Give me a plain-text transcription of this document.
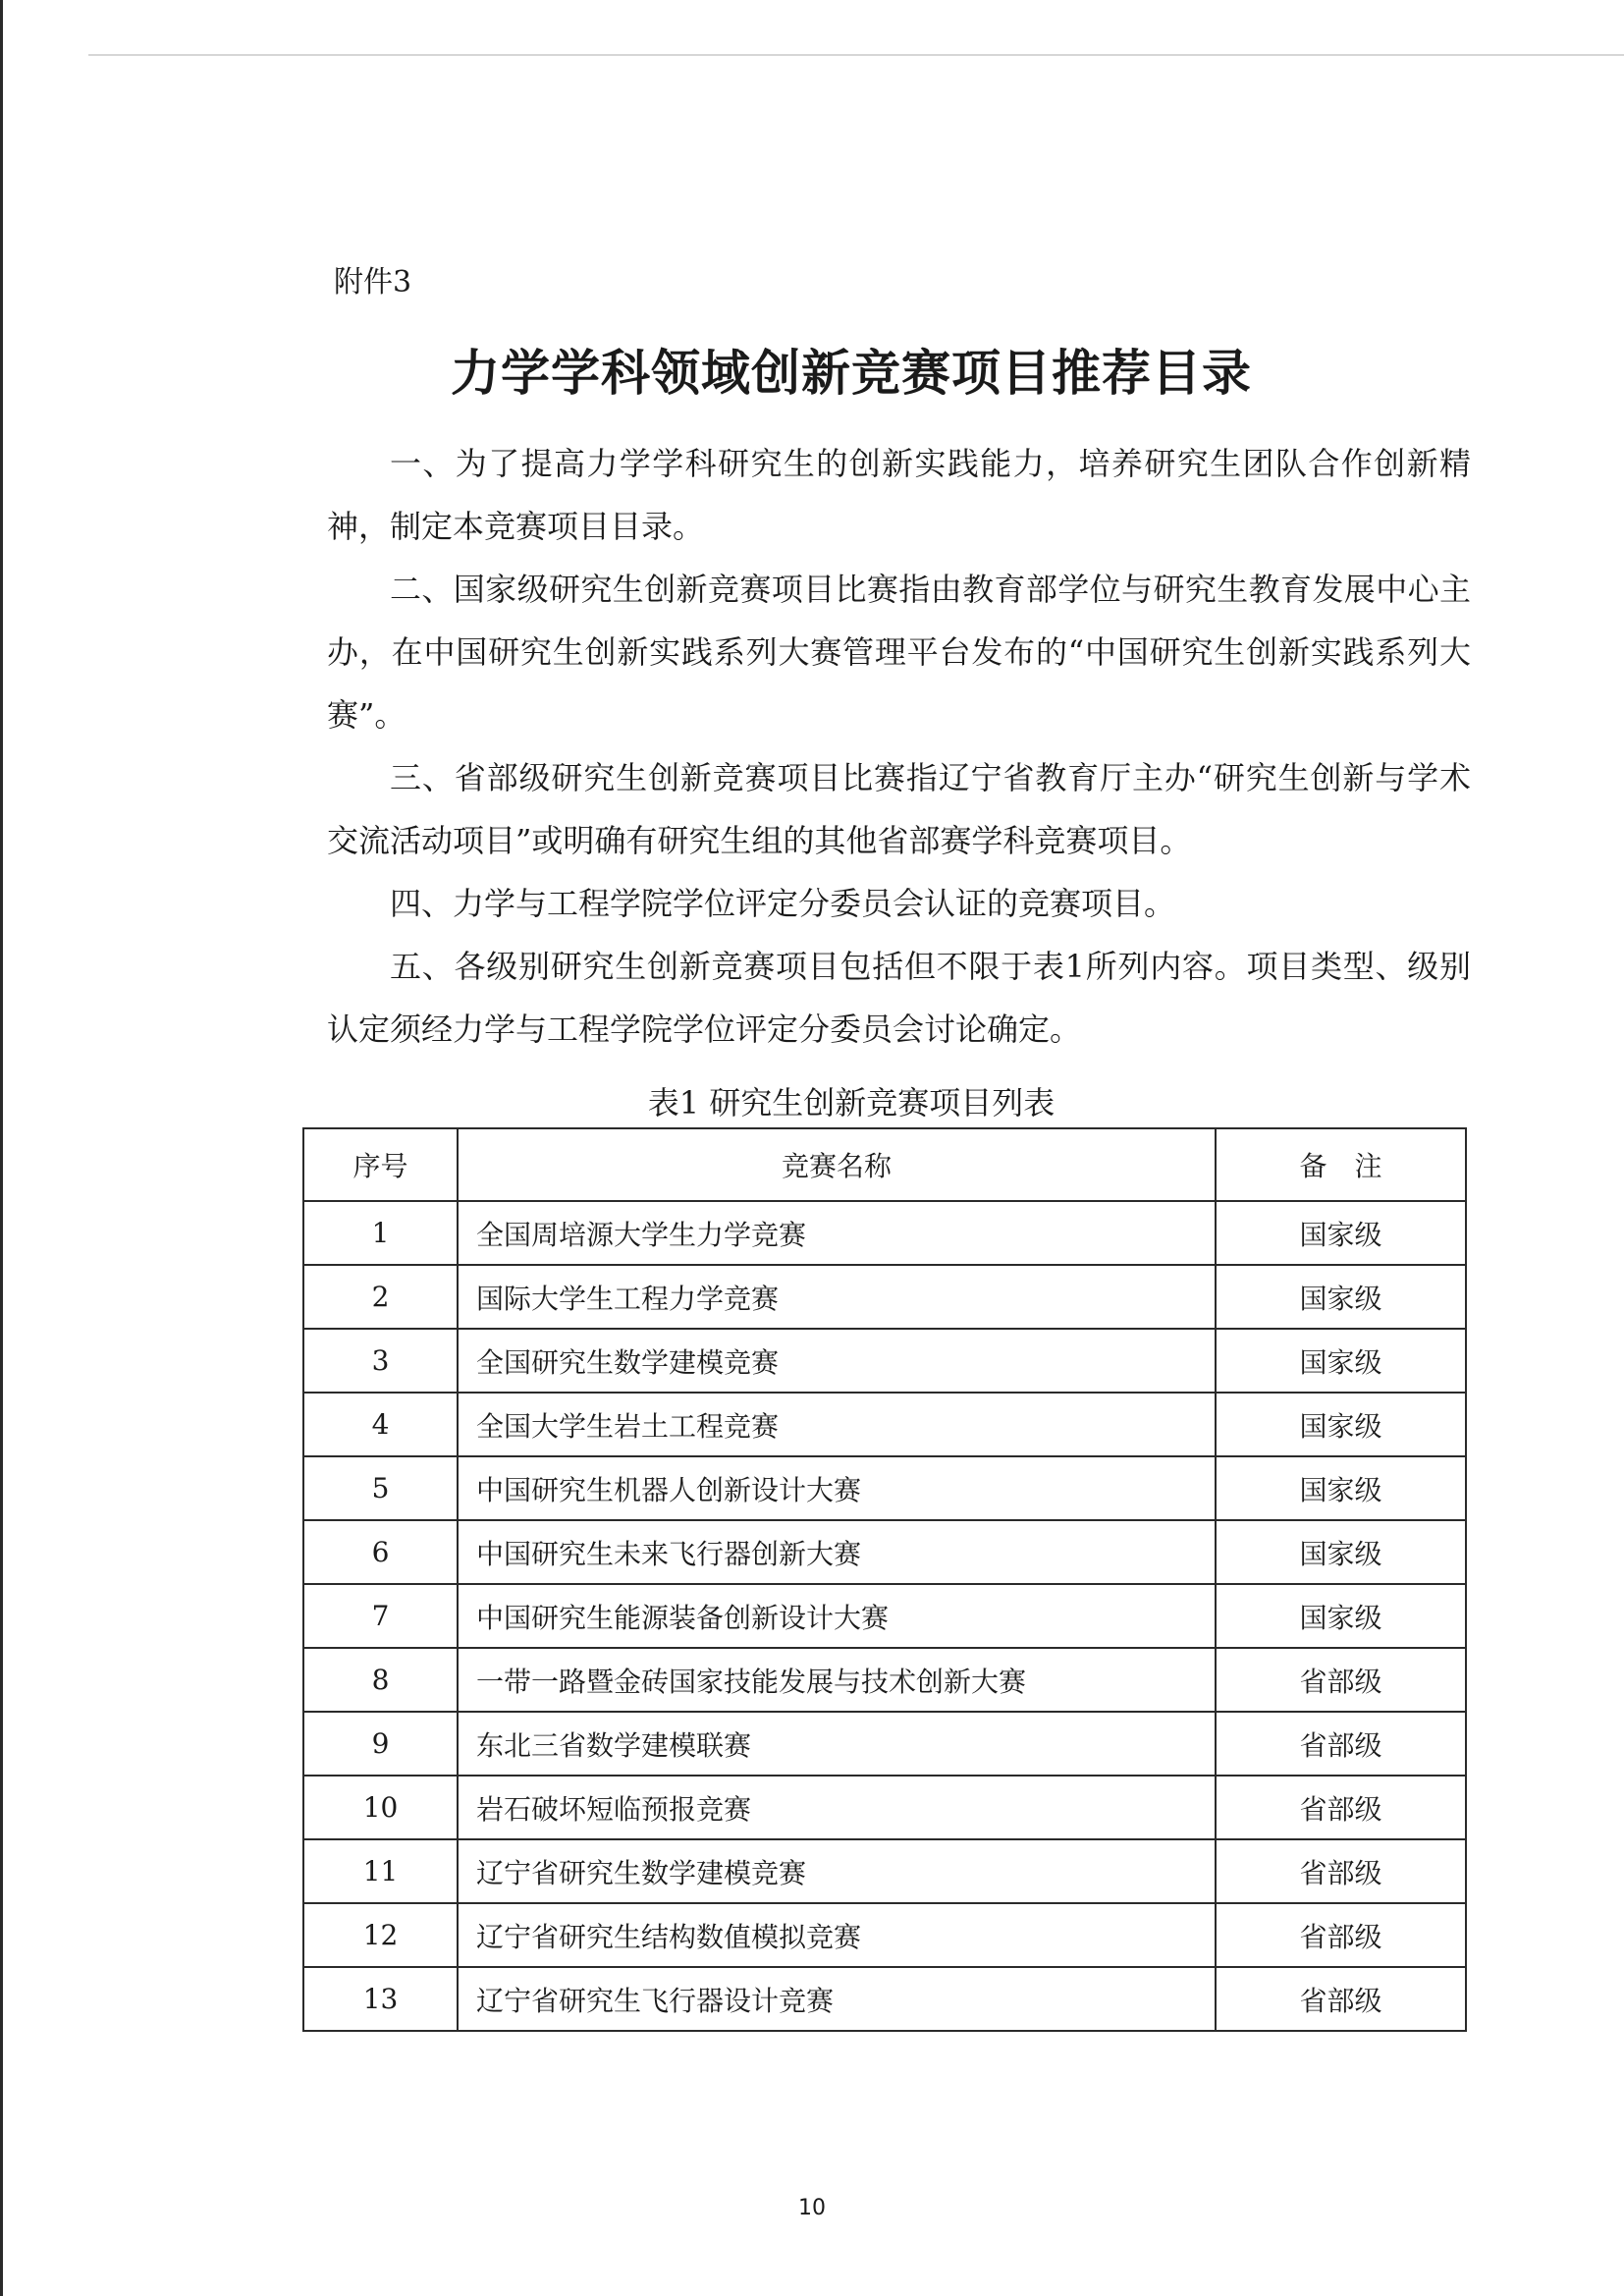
附件3
力学学科领域创新竞赛项目推荐目录

一、为了提高力学学科研究生的创新实践能力，培养研究生团队合作创新精神，制定本竞赛项目目录。

二、国家级研究生创新竞赛项目比赛指由教育部学位与研究生教育发展中心主办，在中国研究生创新实践系列大赛管理平台发布的“中国研究生创新实践系列大赛”。

三、省部级研究生创新竞赛项目比赛指辽宁省教育厅主办“研究生创新与学术交流活动项目”或明确有研究生组的其他省部赛学科竞赛项目。

四、力学与工程学院学位评定分委员会认证的竞赛项目。

五、各级别研究生创新竞赛项目包括但不限于表1所列内容。项目类型、级别认定须经力学与工程学院学位评定分委员会讨论确定。

表1 研究生创新竞赛项目列表
序号	竞赛名称	备　注
1	全国周培源大学生力学竞赛	国家级
2	国际大学生工程力学竞赛	国家级
3	全国研究生数学建模竞赛	国家级
4	全国大学生岩土工程竞赛	国家级
5	中国研究生机器人创新设计大赛	国家级
6	中国研究生未来飞行器创新大赛	国家级
7	中国研究生能源装备创新设计大赛	国家级
8	一带一路暨金砖国家技能发展与技术创新大赛	省部级
9	东北三省数学建模联赛	省部级
10	岩石破坏短临预报竞赛	省部级
11	辽宁省研究生数学建模竞赛	省部级
12	辽宁省研究生结构数值模拟竞赛	省部级
13	辽宁省研究生飞行器设计竞赛	省部级
10
